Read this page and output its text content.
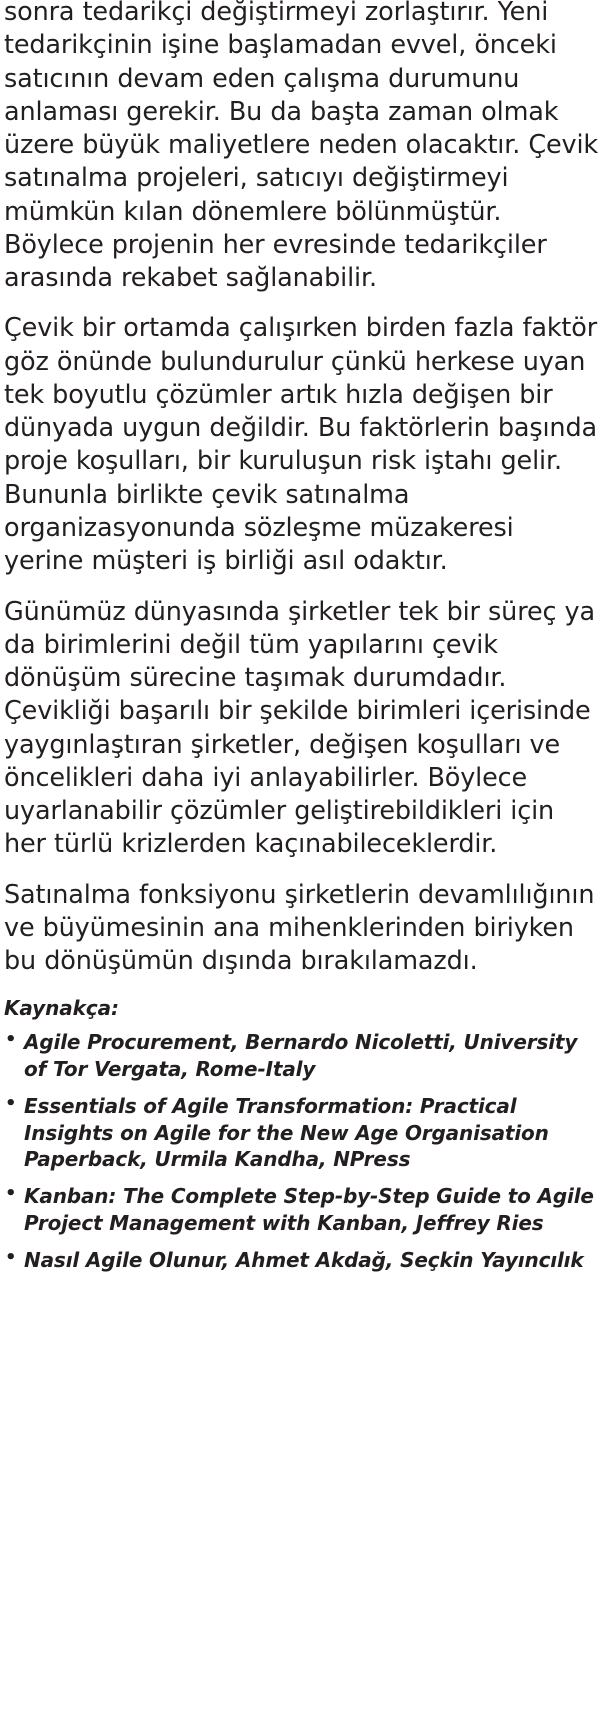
sonra tedarikçi değiştirmeyi zorlaştırır. Yeni tedarikçinin işine başlamadan evvel, önceki satıcının devam eden çalışma durumunu anlaması gerekir. Bu da başta zaman olmak üzere büyük maliyetlere neden olacaktır. Çevik satınalma projeleri, satıcıyı değiştirmeyi mümkün kılan dönemlere bölünmüştür. Böylece projenin her evresinde tedarikçiler arasında rekabet sağlanabilir.

Çevik bir ortamda çalışırken birden fazla faktör göz önünde bulundurulur çünkü herkese uyan tek boyutlu çözümler artık hızla değişen bir dünyada uygun değildir. Bu faktörlerin başında proje koşulları, bir kuruluşun risk iştahı gelir. Bununla birlikte çevik satınalma organizasyonunda sözleşme müzakeresi yerine müşteri iş birliği asıl odaktır.

Günümüz dünyasında şirketler tek bir süreç ya da birimlerini değil tüm yapılarını çevik dönüşüm sürecine taşımak durumdadır. Çevikliği başarılı bir şekilde birimleri içerisinde yaygınlaştıran şirketler, değişen koşulları ve öncelikleri daha iyi anlayabilirler. Böylece uyarlanabilir çözümler geliştirebildikleri için her türlü krizlerden kaçınabileceklerdir.

Satınalma fonksiyonu şirketlerin devamlılığının ve büyümesinin ana mihenklerinden biriyken bu dönüşümün dışında bırakılamazdı.

Kaynakça:
• Agile Procurement, Bernardo Nicoletti, University of Tor Vergata, Rome-Italy
• Essentials of Agile Transformation: Practical Insights on Agile for the New Age Organisation Paperback, Urmila Kandha, NPress
• Kanban: The Complete Step-by-Step Guide to Agile Project Management with Kanban, Jeffrey Ries
• Nasıl Agile Olunur, Ahmet Akdağ, Seçkin Yayıncılık
